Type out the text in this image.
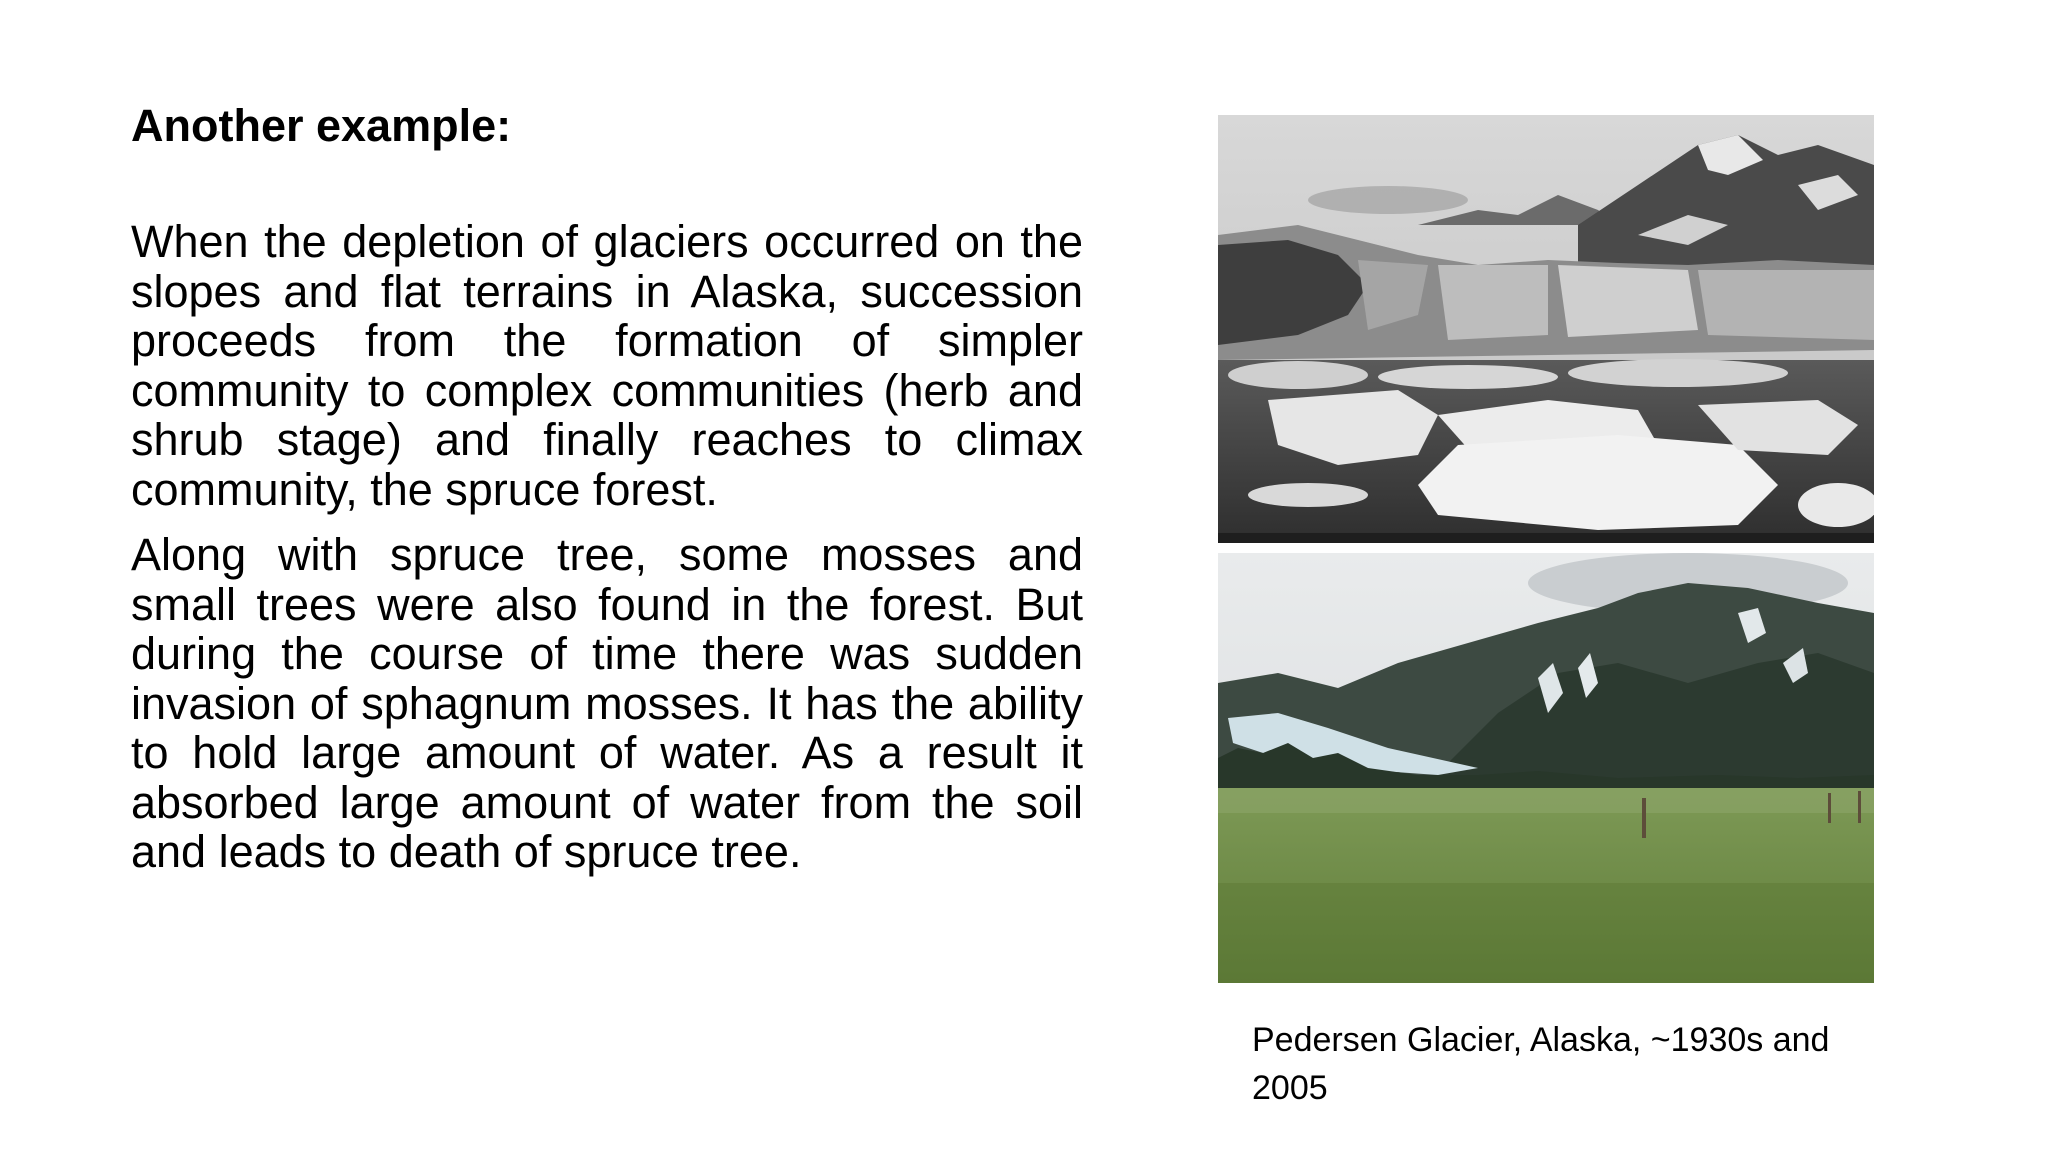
Another example:

When the depletion of glaciers occurred on the slopes and flat terrains in Alaska, succession proceeds from the formation of simpler community to complex communities (herb and shrub stage) and finally reaches to climax community, the spruce forest.

Along with spruce tree, some mosses and small trees were also found in the forest. But during the course of time there was sudden invasion of sphagnum mosses. It has the ability to hold large amount of water. As a result it absorbed large amount of water from the soil and leads to death of spruce tree.

Pedersen Glacier, Alaska, ~1930s and 2005
